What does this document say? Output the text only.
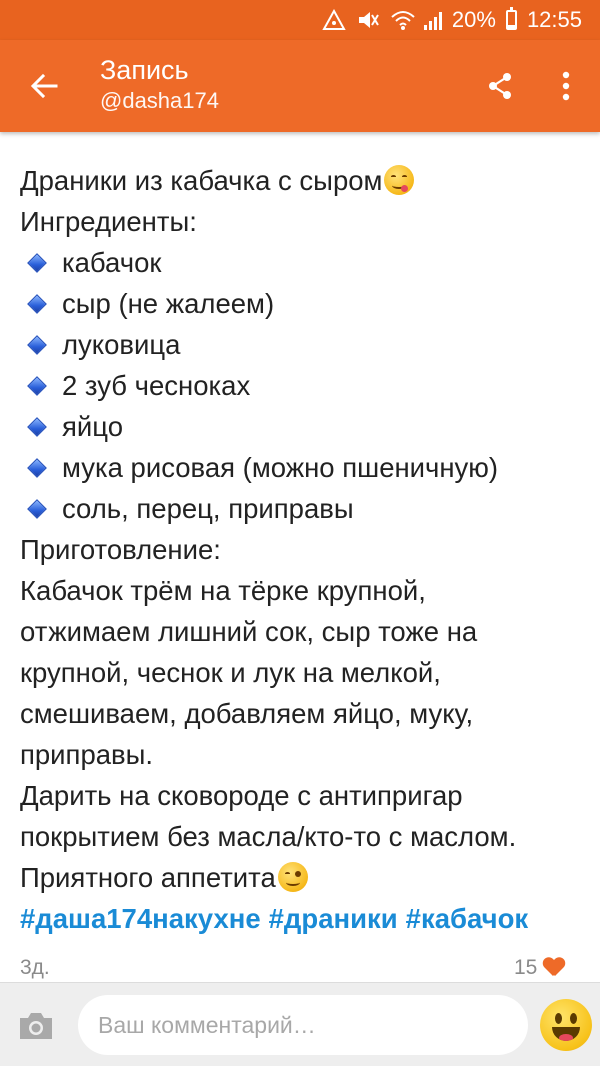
20% 12:55
Запись
@dasha174
Драники из кабачка с сыром
Ингредиенты:
кабачок
сыр (не жалеем)
луковица
2 зуб чесноках
яйцо
мука рисовая (можно пшеничную)
соль, перец, приправы
Приготовление:
Кабачок трём на тёрке крупной,
отжимаем лишний сок, сыр тоже на
крупной, чеснок и лук на мелкой,
смешиваем, добавляем яйцо, муку,
приправы.
Дарить на сковороде с антипригар
покрытием без масла/кто-то с маслом.
Приятного аппетита
#даша174накухне #драники #кабачок
3д.	15
Ваш комментарий…
